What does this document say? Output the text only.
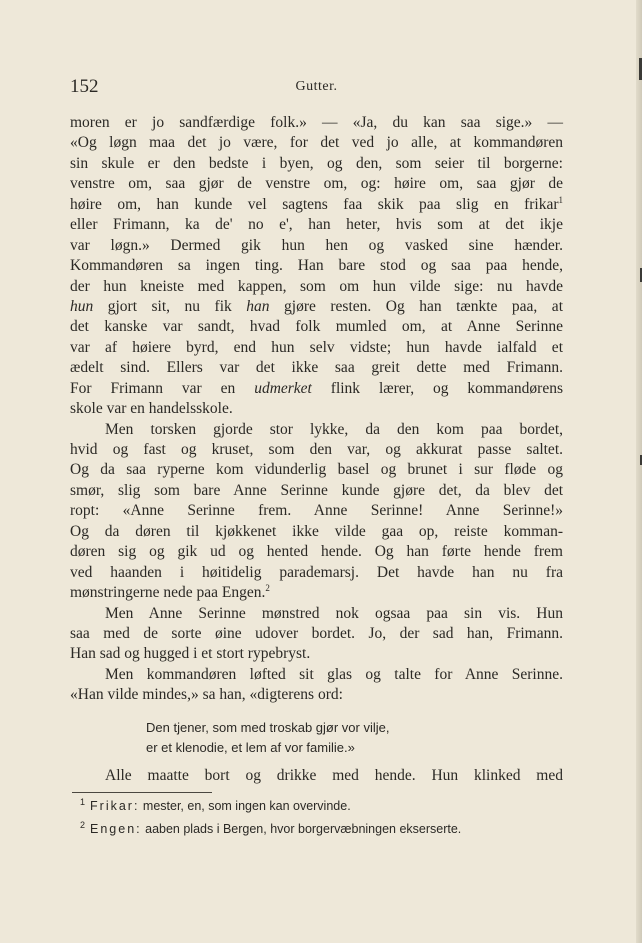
152	Gutter.
moren er jo sandfærdige folk.» — «Ja, du kan saa sige.» —
«Og løgn maa det jo være, for det ved jo alle, at kommandøren
sin skule er den bedste i byen, og den, som seier til borgerne:
venstre om, saa gjør de venstre om, og: høire om, saa gjør de
høire om, han kunde vel sagtens faa skik paa slig en frikar$^1$
eller Frimann, ka de' no e', han heter, hvis som at det ikje
var løgn.» Dermed gik hun hen og vasked sine hænder.
Kommandøren sa ingen ting. Han bare stod og saa paa hende,
der hun kneiste med kappen, som om hun vilde sige: nu havde
hun gjort sit, nu fik han gjøre resten. Og han tænkte paa, at
det kanske var sandt, hvad folk mumled om, at Anne Serinne
var af høiere byrd, end hun selv vidste; hun havde ialfald et
ædelt sind. Ellers var det ikke saa greit dette med Frimann.
For Frimann var en udmerket flink lærer, og kommandørens
skole var en handelsskole.
Men torsken gjorde stor lykke, da den kom paa bordet,
hvid og fast og kruset, som den var, og akkurat passe saltet.
Og da saa ryperne kom vidunderlig basel og brunet i sur fløde og
smør, slig som bare Anne Serinne kunde gjøre det, da blev det
ropt: «Anne Serinne frem. Anne Serinne! Anne Serinne!»
Og da døren til kjøkkenet ikke vilde gaa op, reiste komman-
døren sig og gik ud og hented hende. Og han førte hende frem
ved haanden i høitidelig parademarsj. Det havde han nu fra
mønstringerne nede paa Engen.$^2$
Men Anne Serinne mønstred nok ogsaa paa sin vis. Hun
saa med de sorte øine udover bordet. Jo, der sad han, Frimann.
Han sad og hugged i et stort rypebryst.
Men kommandøren løfted sit glas og talte for Anne Serinne.
«Han vilde mindes,» sa han, «digterens ord:
Den tjener, som med troskab gjør vor vilje,
er et klenodie, et lem af vor familie.»
Alle maatte bort og drikke med hende. Hun klinked med
$^1$ Frikar: mester, en, som ingen kan overvinde.
$^2$ Engen: aaben plads i Bergen, hvor borgervæbningen ekserserte.
